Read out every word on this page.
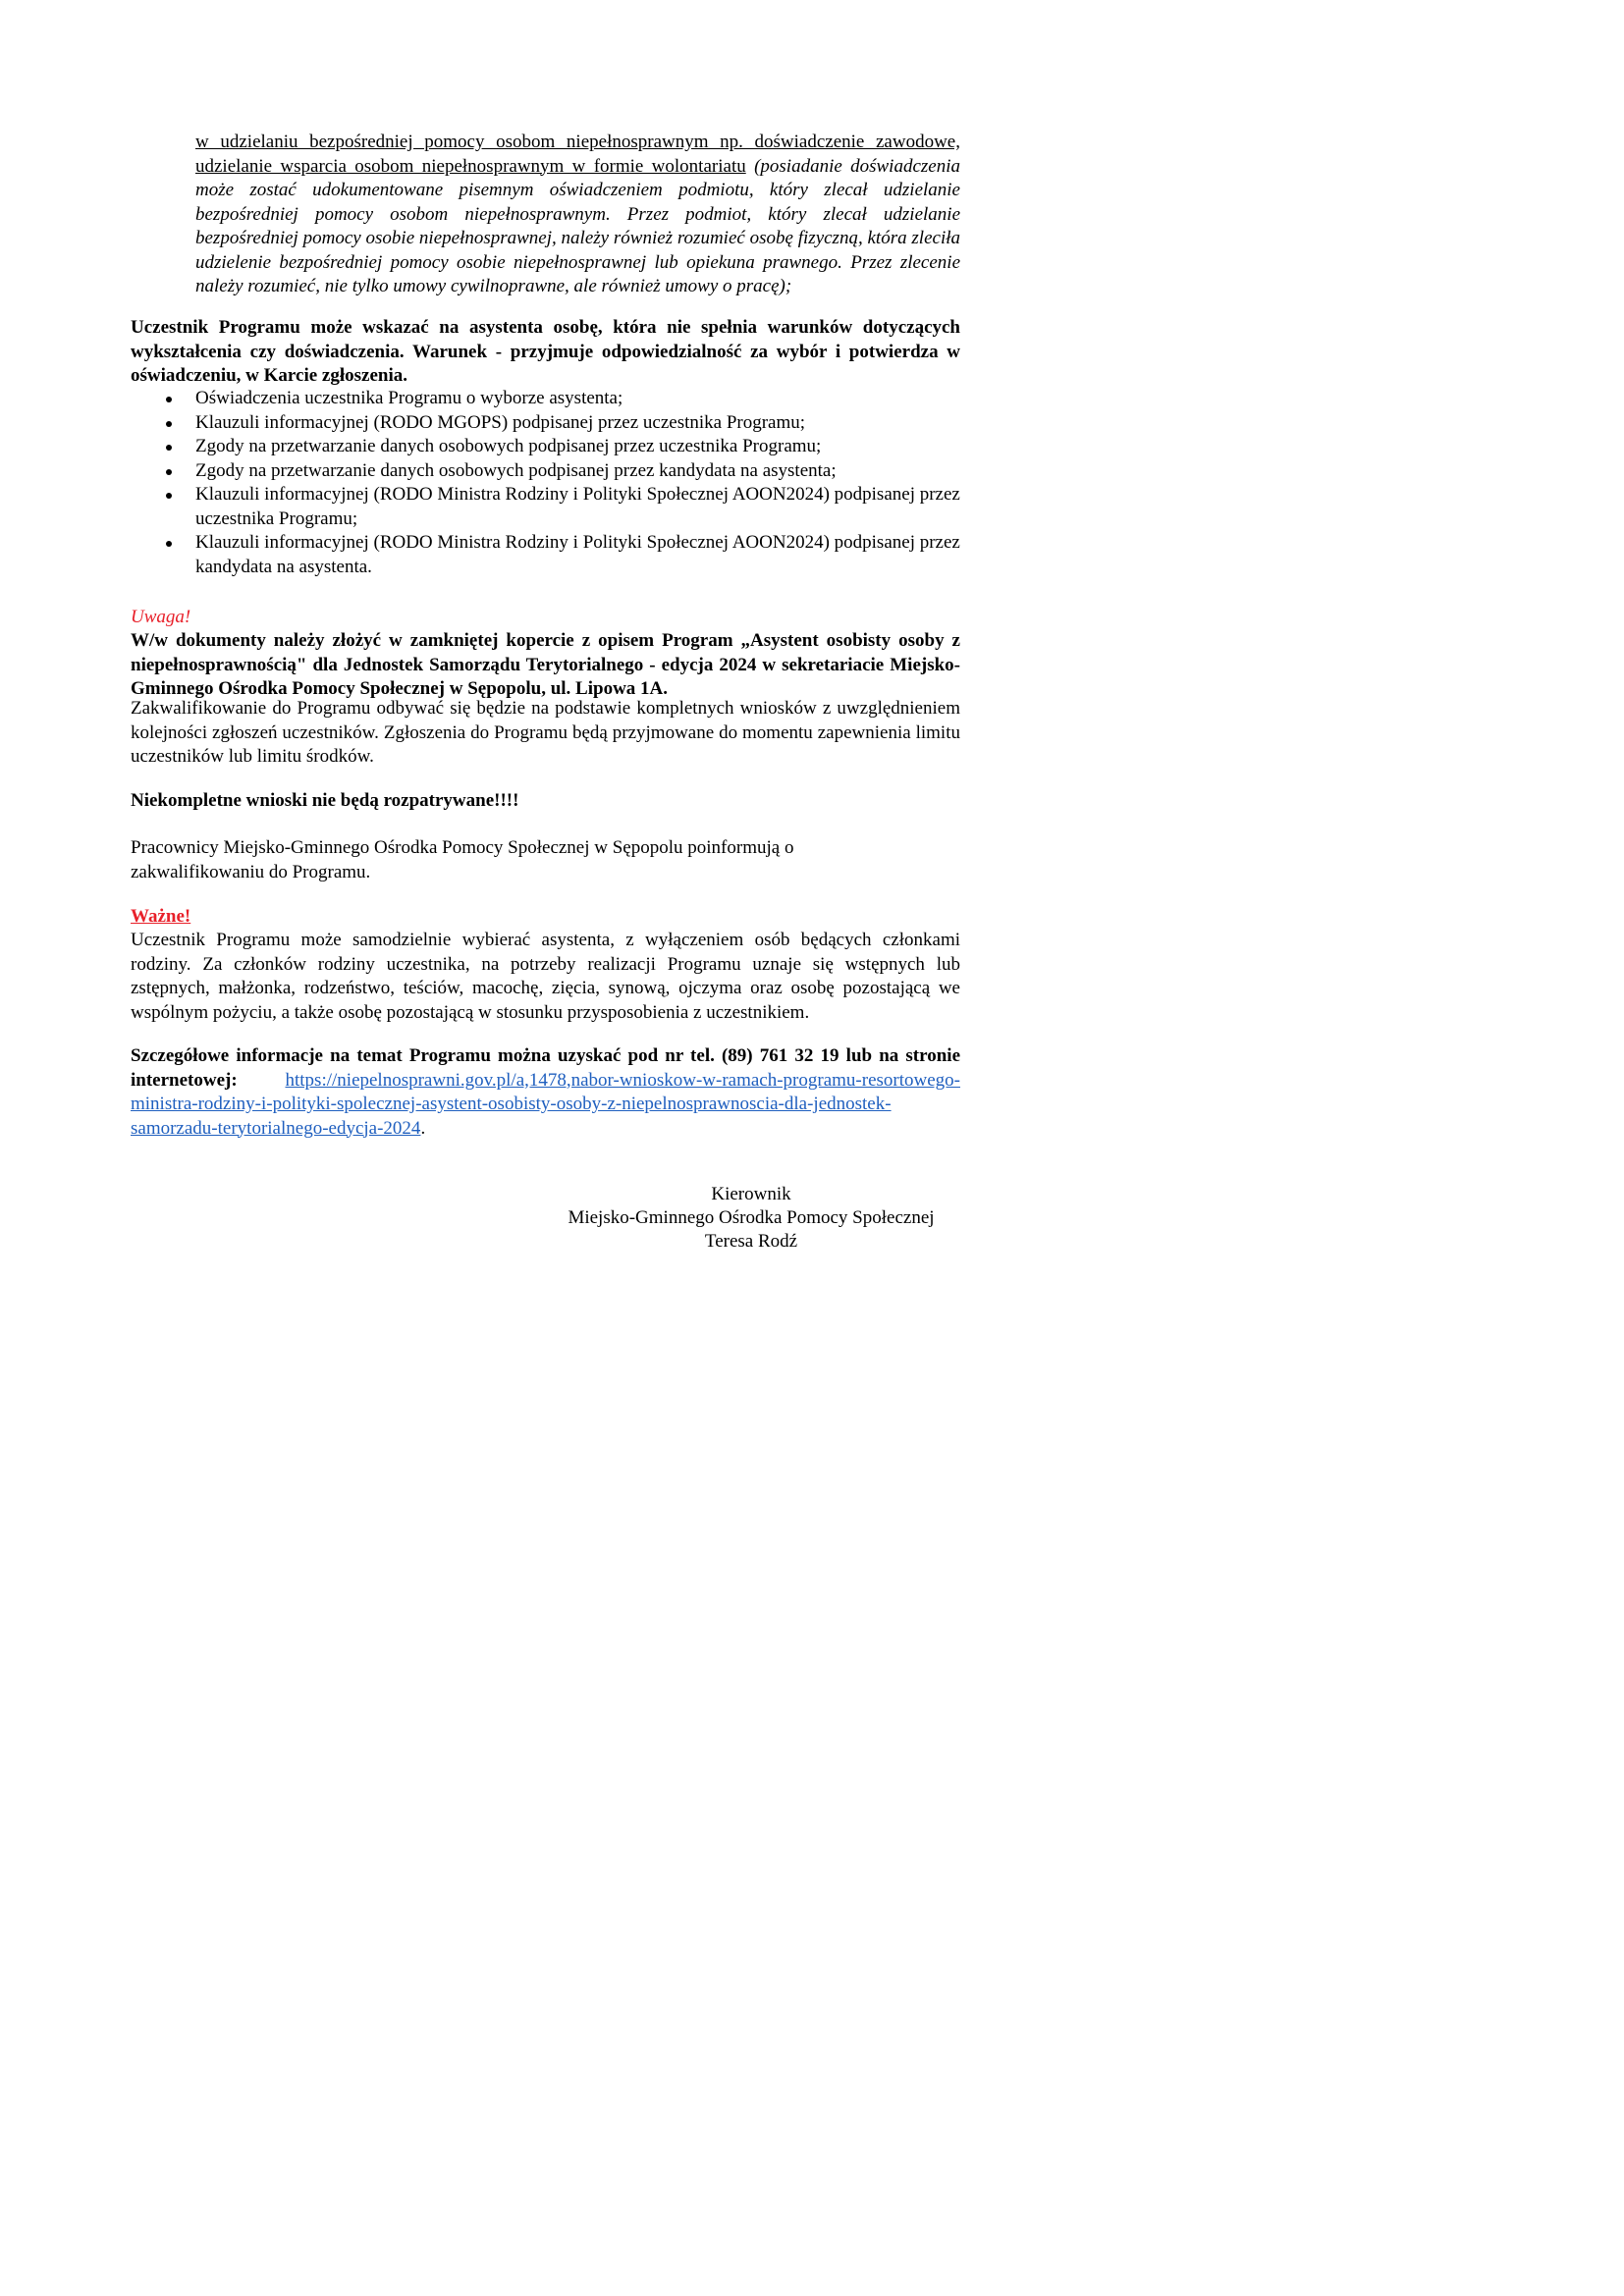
w udzielaniu bezpośredniej pomocy osobom niepełnosprawnym np. doświadczenie zawodowe, udzielanie wsparcia osobom niepełnosprawnym w formie wolontariatu (posiadanie doświadczenia może zostać udokumentowane pisemnym oświadczeniem podmiotu, który zlecał udzielanie bezpośredniej pomocy osobom niepełnosprawnym. Przez podmiot, który zlecał udzielanie bezpośredniej pomocy osobie niepełnosprawnej, należy również rozumieć osobę fizyczną, która zleciła udzielenie bezpośredniej pomocy osobie niepełnosprawnej lub opiekuna prawnego. Przez zlecenie należy rozumieć, nie tylko umowy cywilnoprawne, ale również umowy o pracę);

Uczestnik Programu może wskazać na asystenta osobę, która nie spełnia warunków dotyczących wykształcenia czy doświadczenia. Warunek - przyjmuje odpowiedzialność za wybór i potwierdza w oświadczeniu, w Karcie zgłoszenia.

Oświadczenia uczestnika Programu o wyborze asystenta;
Klauzuli informacyjnej (RODO MGOPS) podpisanej przez uczestnika Programu;
Zgody na przetwarzanie danych osobowych podpisanej przez uczestnika Programu;
Zgody na przetwarzanie danych osobowych podpisanej przez kandydata na asystenta;
Klauzuli informacyjnej (RODO Ministra Rodziny i Polityki Społecznej AOON2024) podpisanej przez uczestnika Programu;
Klauzuli informacyjnej (RODO Ministra Rodziny i Polityki Społecznej AOON2024) podpisanej przez kandydata na asystenta.

Uwaga!

W/w dokumenty należy złożyć w zamkniętej kopercie z opisem Program „Asystent osobisty osoby z niepełnosprawnością" dla Jednostek Samorządu Terytorialnego - edycja 2024 w sekretariacie Miejsko-Gminnego Ośrodka Pomocy Społecznej w Sępopolu, ul. Lipowa 1A.

Zakwalifikowanie do Programu odbywać się będzie na podstawie kompletnych wniosków z uwzględnieniem kolejności zgłoszeń uczestników. Zgłoszenia do Programu będą przyjmowane do momentu zapewnienia limitu uczestników lub limitu środków.

Niekompletne wnioski nie będą rozpatrywane!!!!

Pracownicy Miejsko-Gminnego Ośrodka Pomocy Społecznej w Sępopolu poinformują o zakwalifikowaniu do Programu.

Ważne!

Uczestnik Programu może samodzielnie wybierać asystenta, z wyłączeniem osób będących członkami rodziny. Za członków rodziny uczestnika, na potrzeby realizacji Programu uznaje się wstępnych lub zstępnych, małżonka, rodzeństwo, teściów, macochę, zięcia, synową, ojczyma oraz osobę pozostającą we wspólnym pożyciu, a także osobę pozostającą w stosunku przysposobienia z uczestnikiem.

Szczegółowe informacje na temat Programu można uzyskać pod nr tel. (89) 761 32 19 lub na stronie internetowej:	https://niepelnosprawni.gov.pl/a,1478,nabor-wnioskow-w-ramach-programu-resortowego-ministra-rodziny-i-polityki-spolecznej-asystent-osobisty-osoby-z-niepelnosprawnoscia-dla-jednostek-samorzadu-terytorialnego-edycja-2024.

Kierownik

Miejsko-Gminnego Ośrodka Pomocy Społecznej

Teresa Rodź
